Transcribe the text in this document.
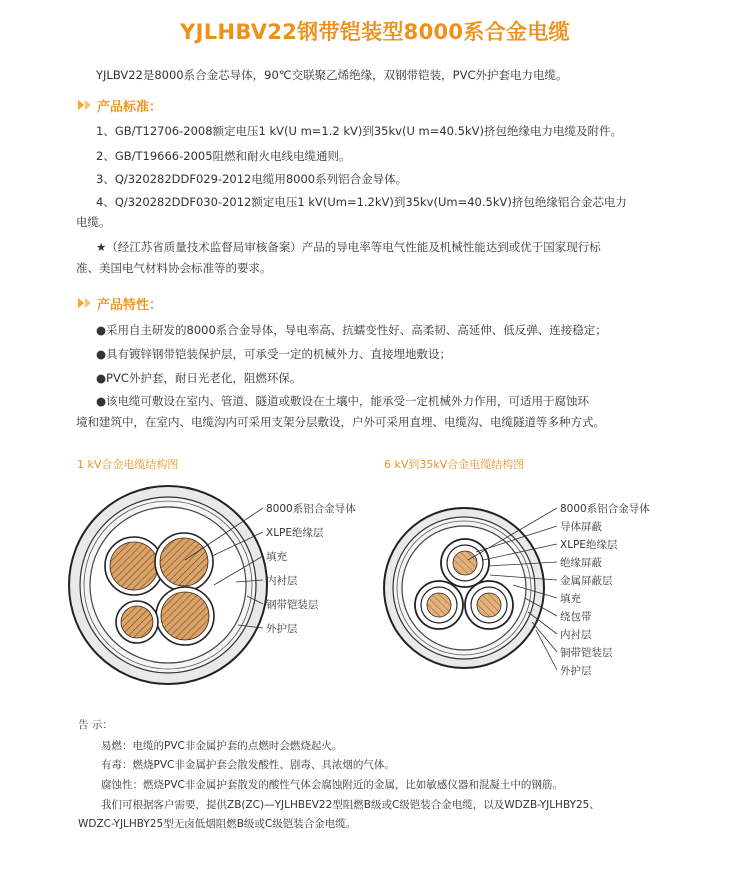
YJLHBV22钢带铠装型8000系合金电缆
YJLBV22是8000系合金芯导体，90℃交联聚乙烯绝缘，双钢带铠装，PVC外护套电力电缆。
产品标准：
1、GB/T12706-2008额定电压1 kV(U m=1.2 kV)到35kv(U m=40.5kV)挤包绝缘电力电缆及附件。
2、GB/T19666-2005阻燃和耐火电线电缆通则。
3、Q/320282DDF029-2012电缆用8000系列铝合金导体。
4、Q/320282DDF030-2012额定电压1 kV(Um=1.2kV)到35kv(Um=40.5kV)挤包绝缘铝合金芯电力
电缆。
★（经江苏省质量技术监督局审核备案）产品的导电率等电气性能及机械性能达到或优于国家现行标
准、美国电气材料协会标准等的要求。
产品特性：
●采用自主研发的8000系合金导体，导电率高、抗蠕变性好、高柔韧、高延伸、低反弹、连接稳定；
●具有镀锌钢带铠装保护层，可承受一定的机械外力、直接埋地敷设；
●PVC外护套，耐日光老化，阻燃环保。
●该电缆可敷设在室内、管道、隧道或敷设在土壤中，能承受一定机械外力作用，可适用于腐蚀环
境和建筑中，在室内、电缆沟内可采用支架分层敷设，户外可采用直埋、电缆沟、电缆隧道等多种方式。
1 kV合金电缆结构图	6 kV到35kV合金电缆结构图
8000系铝合金导体
XLPE绝缘层
填充
内衬层
钢带铠装层
外护层
8000系铝合金导体
导体屏蔽
XLPE绝缘层
绝缘屏蔽
金属屏蔽层
填充
绕包带
内衬层
铜带铠装层
外护层
告 示：
易燃：电缆的PVC非金属护套的点燃时会燃烧起火。
有毒：燃烧PVC非金属护套会散发酸性、剧毒、具浓烟的气体。
腐蚀性：燃烧PVC非金属护套散发的酸性气体会腐蚀附近的金属，比如敏感仪器和混凝土中的钢筋。
我们可根据客户需要，提供ZB(ZC)—YJLHBEV22型阻燃B级或C级铠装合金电缆，以及WDZB-YJLHBY25、
WDZC-YJLHBY25型无卤低烟阻燃B级或C级铠装合金电缆。
